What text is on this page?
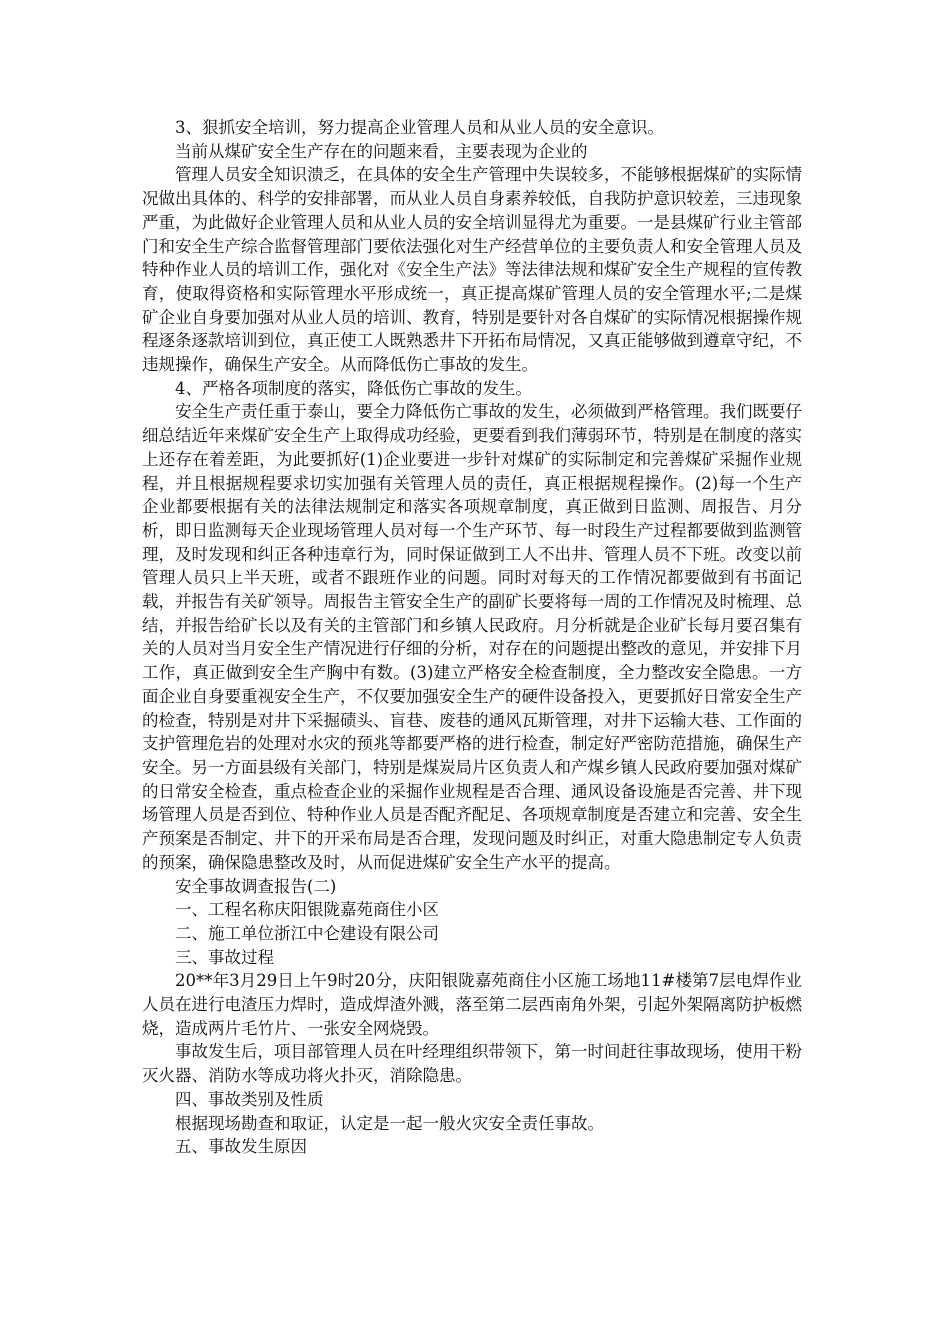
3、狠抓安全培训，努力提高企业管理人员和从业人员的安全意识。

当前从煤矿安全生产存在的问题来看，主要表现为企业的

管理人员安全知识溃乏，在具体的安全生产管理中失误较多，不能够根据煤矿的实际情况做出具体的、科学的安排部署，而从业人员自身素养较低，自我防护意识较差，三违现象严重，为此做好企业管理人员和从业人员的安全培训显得尤为重要。一是县煤矿行业主管部门和安全生产综合监督管理部门要依法强化对生产经营单位的主要负责人和安全管理人员及特种作业人员的培训工作，强化对《安全生产法》等法律法规和煤矿安全生产规程的宣传教育，使取得资格和实际管理水平形成统一，真正提高煤矿管理人员的安全管理水平;二是煤矿企业自身要加强对从业人员的培训、教育，特别是要针对各自煤矿的实际情况根据操作规程逐条逐款培训到位，真正使工人既熟悉井下开拓布局情况，又真正能够做到遵章守纪，不违规操作，确保生产安全。从而降低伤亡事故的发生。

4、严格各项制度的落实，降低伤亡事故的发生。

安全生产责任重于泰山，要全力降低伤亡事故的发生，必须做到严格管理。我们既要仔细总结近年来煤矿安全生产上取得成功经验，更要看到我们薄弱环节，特别是在制度的落实上还存在着差距，为此要抓好(1)企业要进一步针对煤矿的实际制定和完善煤矿采掘作业规程，并且根据规程要求切实加强有关管理人员的责任，真正根据规程操作。(2)每一个生产企业都要根据有关的法律法规制定和落实各项规章制度，真正做到日监测、周报告、月分析，即日监测每天企业现场管理人员对每一个生产环节、每一时段生产过程都要做到监测管理，及时发现和纠正各种违章行为，同时保证做到工人不出井、管理人员不下班。改变以前管理人员只上半天班，或者不跟班作业的问题。同时对每天的工作情况都要做到有书面记载，并报告有关矿领导。周报告主管安全生产的副矿长要将每一周的工作情况及时梳理、总结，并报告给矿长以及有关的主管部门和乡镇人民政府。月分析就是企业矿长每月要召集有关的人员对当月安全生产情况进行仔细的分析，对存在的问题提出整改的意见，并安排下月工作，真正做到安全生产胸中有数。(3)建立严格安全检查制度，全力整改安全隐患。一方面企业自身要重视安全生产，不仅要加强安全生产的硬件设备投入，更要抓好日常安全生产的检查，特别是对井下采掘碛头、盲巷、废巷的通风瓦斯管理，对井下运输大巷、工作面的支护管理危岩的处理对水灾的预兆等都要严格的进行检查，制定好严密防范措施，确保生产安全。另一方面县级有关部门，特别是煤炭局片区负责人和产煤乡镇人民政府要加强对煤矿的日常安全检查，重点检查企业的采掘作业规程是否合理、通风设备设施是否完善、井下现场管理人员是否到位、特种作业人员是否配齐配足、各项规章制度是否建立和完善、安全生产预案是否制定、井下的开采布局是否合理，发现问题及时纠正，对重大隐患制定专人负责的预案，确保隐患整改及时，从而促进煤矿安全生产水平的提高。

安全事故调查报告(二)

一、工程名称庆阳银陇嘉苑商住小区

二、施工单位浙江中仑建设有限公司

三、事故过程

20**年3月29日上午9时20分，庆阳银陇嘉苑商住小区施工场地11#楼第7层电焊作业人员在进行电渣压力焊时，造成焊渣外溅，落至第二层西南角外架，引起外架隔离防护板燃烧，造成两片毛竹片、一张安全网烧毁。

事故发生后，项目部管理人员在叶经理组织带领下，第一时间赶往事故现场，使用干粉灭火器、消防水等成功将火扑灭，消除隐患。

四、事故类别及性质

根据现场勘查和取证，认定是一起一般火灾安全责任事故。

五、事故发生原因
